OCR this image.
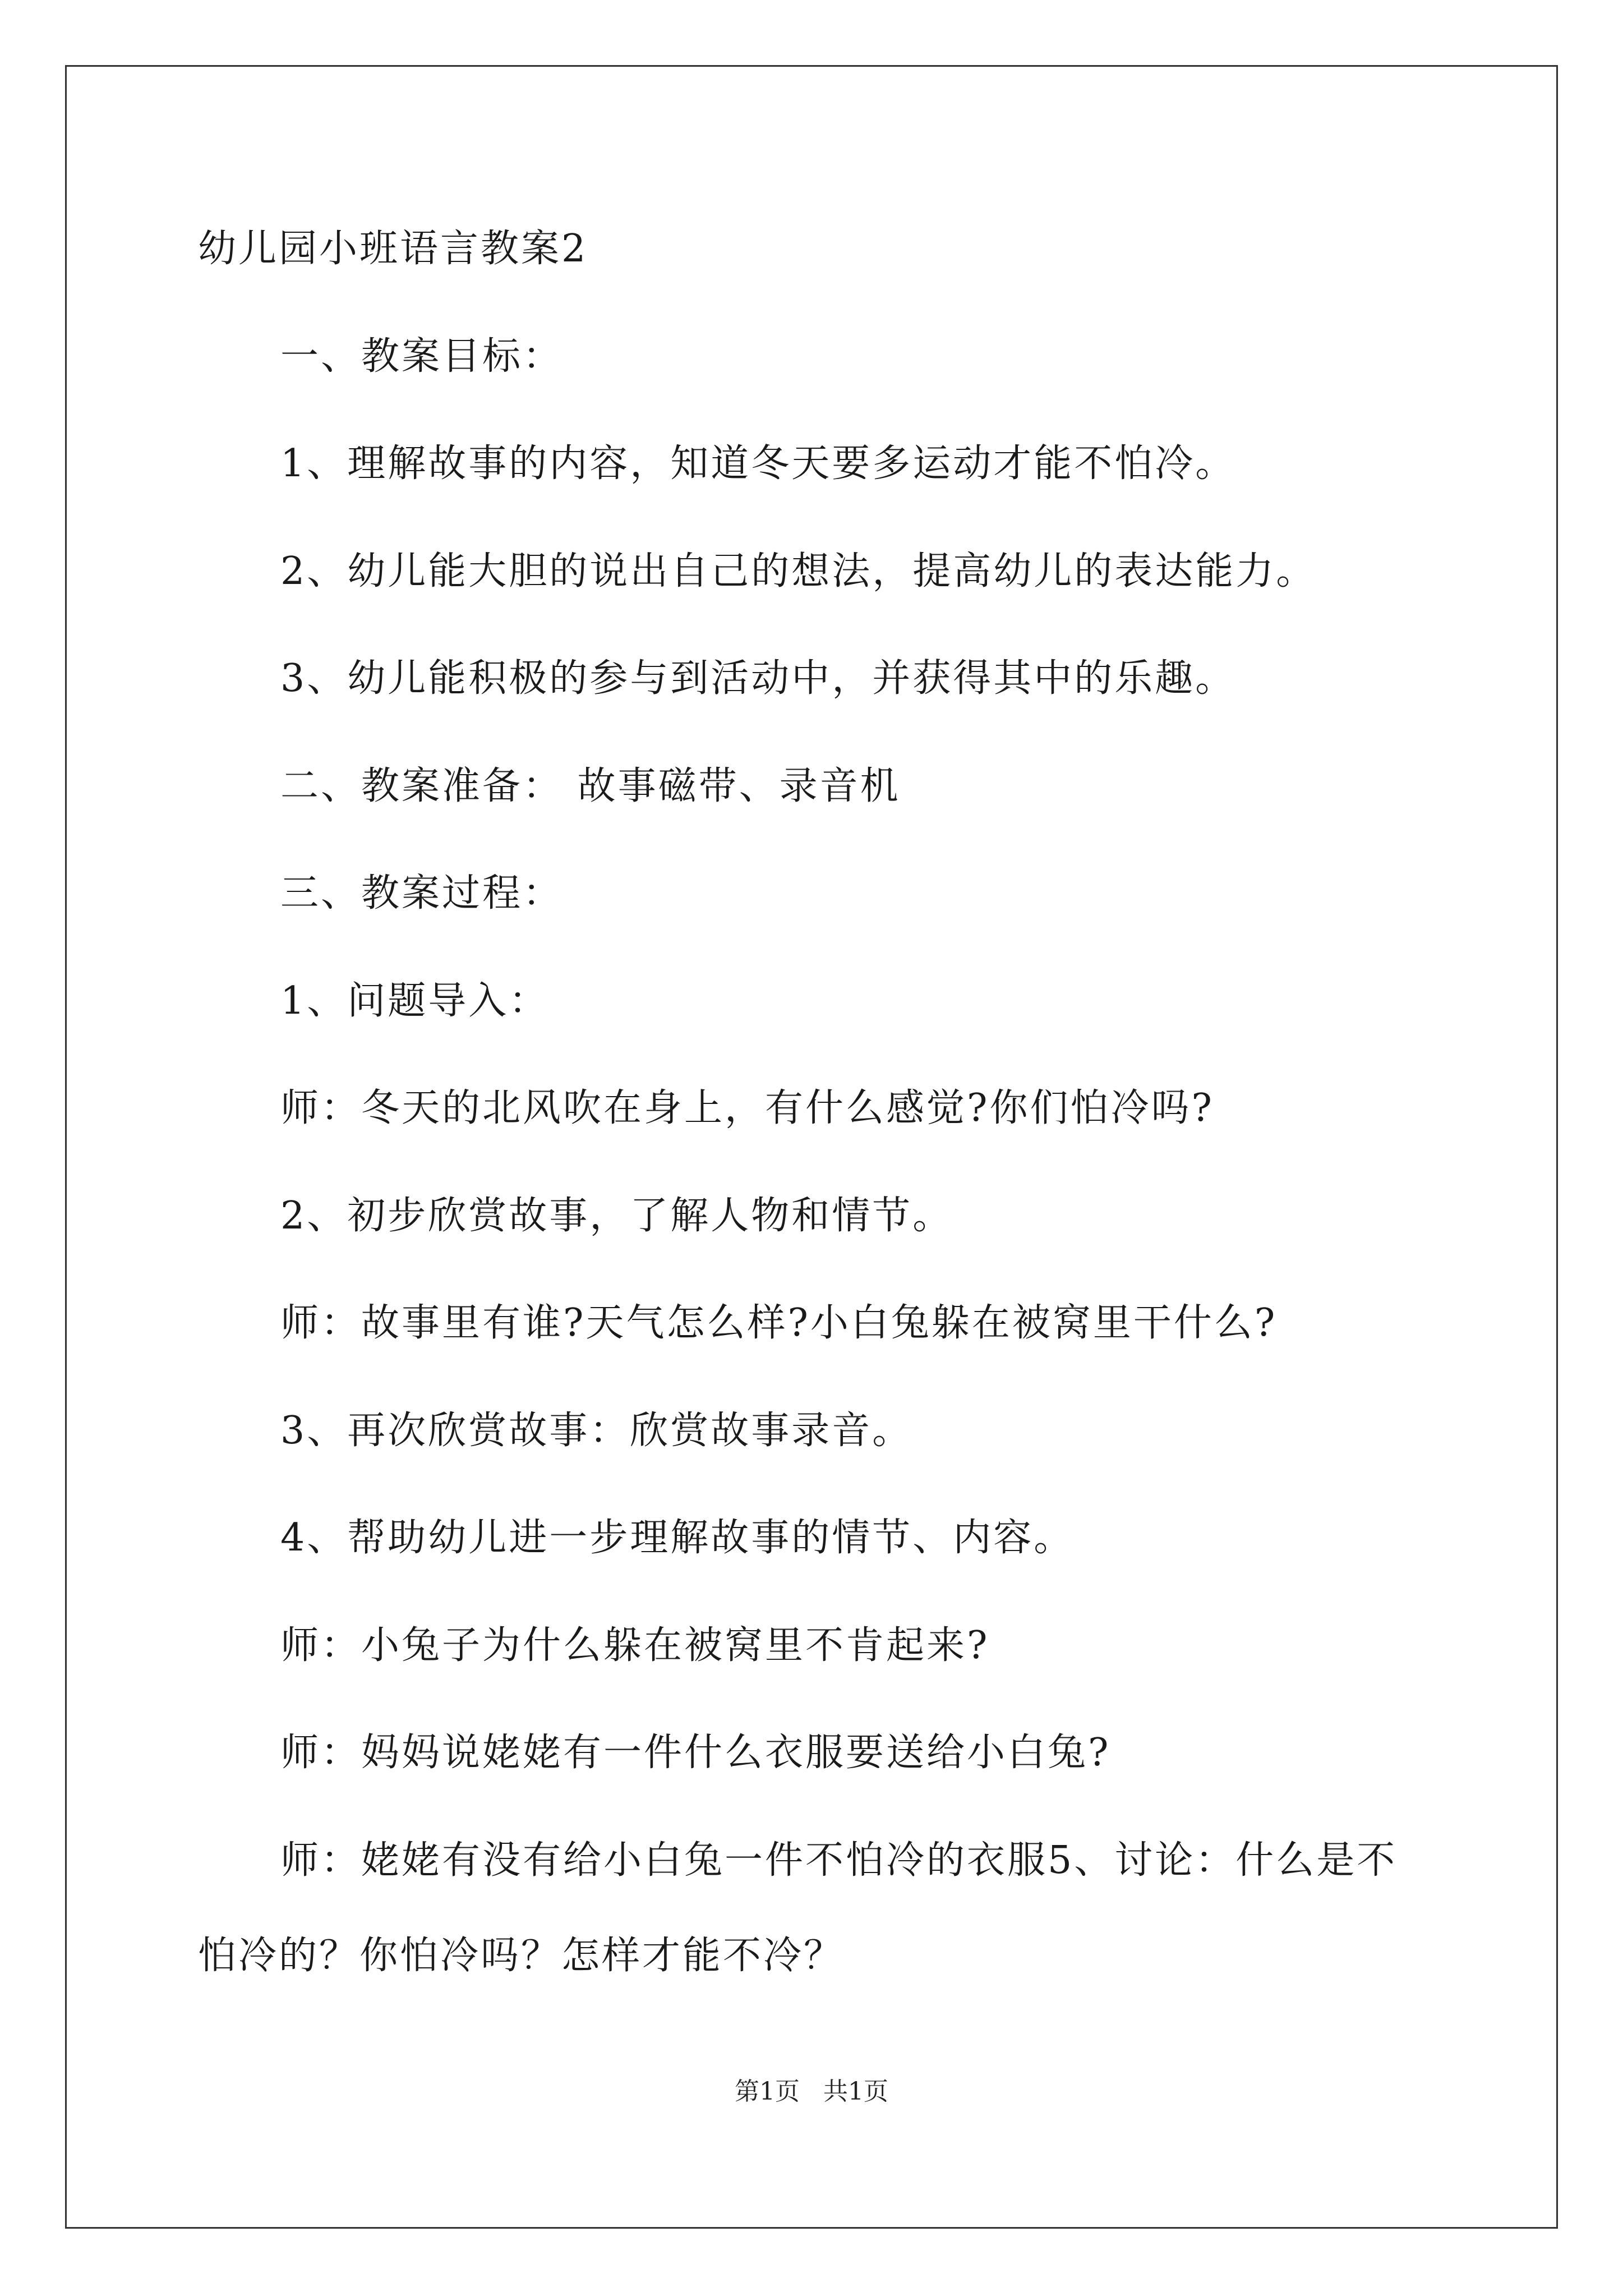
幼儿园小班语言教案2
一、教案目标：
1、理解故事的内容，知道冬天要多运动才能不怕冷。
2、幼儿能大胆的说出自己的想法，提高幼儿的表达能力。
3、幼儿能积极的参与到活动中，并获得其中的乐趣。
二、教案准备： 故事磁带、录音机
三、教案过程：
1、问题导入：
师：冬天的北风吹在身上，有什么感觉?你们怕冷吗?
2、初步欣赏故事，了解人物和情节。
师：故事里有谁?天气怎么样?小白兔躲在被窝里干什么?
3、再次欣赏故事：欣赏故事录音。
4、帮助幼儿进一步理解故事的情节、内容。
师：小兔子为什么躲在被窝里不肯起来?
师：妈妈说姥姥有一件什么衣服要送给小白兔?
师：姥姥有没有给小白兔一件不怕冷的衣服5、讨论：什么是不
怕冷的？你怕冷吗？怎样才能不冷？
第1页   共1页
